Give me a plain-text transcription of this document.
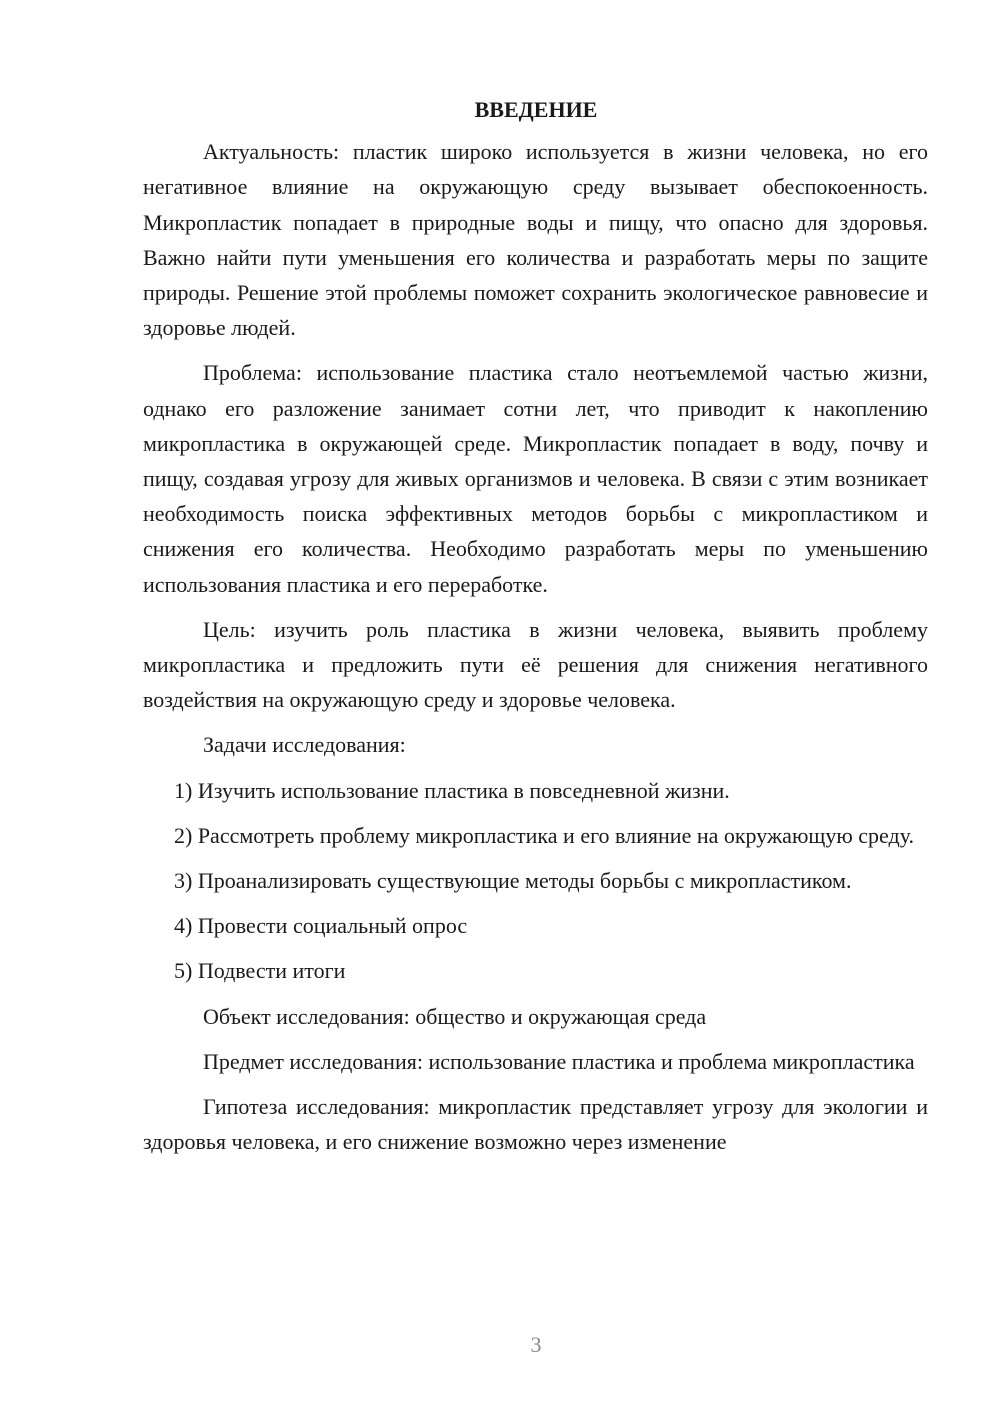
ВВЕДЕНИЕ

Актуальность: пластик широко используется в жизни человека, но его негативное влияние на окружающую среду вызывает обеспокоенность. Микропластик попадает в природные воды и пищу, что опасно для здоровья. Важно найти пути уменьшения его количества и разработать меры по защите природы. Решение этой проблемы поможет сохранить экологическое равновесие и здоровье людей.

Проблема: использование пластика стало неотъемлемой частью жизни, однако его разложение занимает сотни лет, что приводит к накоплению микропластика в окружающей среде. Микропластик попадает в воду, почву и пищу, создавая угрозу для живых организмов и человека. В связи с этим возникает необходимость поиска эффективных методов борьбы с микропластиком и снижения его количества. Необходимо разработать меры по уменьшению использования пластика и его переработке.

Цель: изучить роль пластика в жизни человека, выявить проблему микропластика и предложить пути её решения для снижения негативного воздействия на окружающую среду и здоровье человека.

Задачи исследования:

1) Изучить использование пластика в повседневной жизни.

2) Рассмотреть проблему микропластика и его влияние на окружающую среду.

3) Проанализировать существующие методы борьбы с микропластиком.

4) Провести социальный опрос

5) Подвести итоги

Объект исследования: общество и окружающая среда

Предмет исследования: использование пластика и проблема микропластика

Гипотеза исследования: микропластик представляет угрозу для экологии и здоровья человека, и его снижение возможно через изменение

3
